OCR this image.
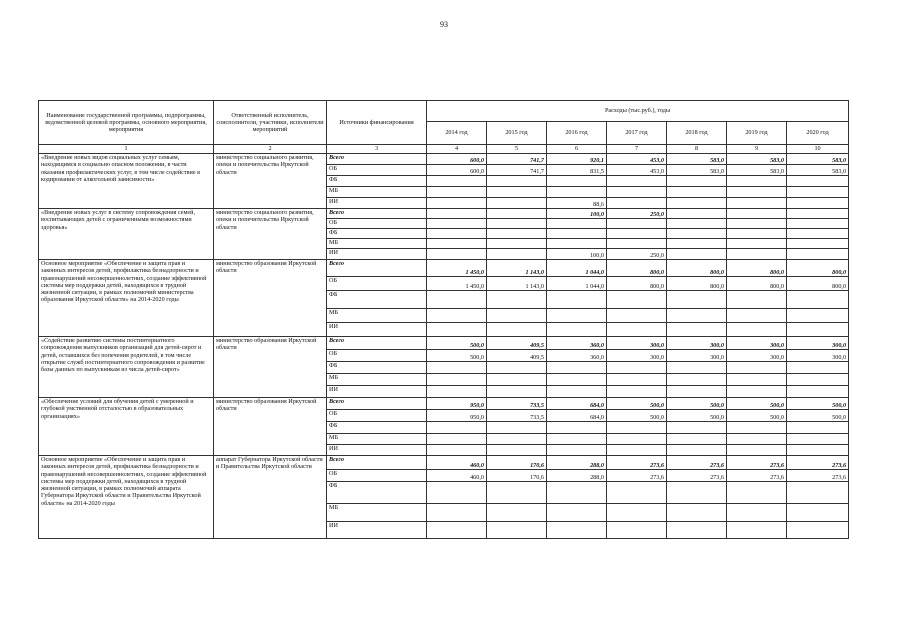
93
Наименование государственной программы, подпрограммы, ведомственной целевой программы, основного мероприятия, мероприятия	Ответственный исполнитель, соисполнители, участники, исполнители мероприятий	Источники финансирования	Расходы (тыс.руб.), годы						
			2014 год	2015 год	2016 год	2017 год	2018 год	2019 год	2020 год
1	2	3	4	5	6	7	8	9	10
«Внедрение новых видов социальных услуг семьям, находящимся в социально опасном положении, в части оказания профилактических услуг, в том числе содействие в кодировании от алкогольной зависимости»	министерство социального развития, опеки и попечительства Иркутской области	Всего	600,0	741,7	920,1	453,0	583,0	583,0	583,0
		ОБ	600,0	741,7	831,5	453,0	583,0	583,0	583,0
		ФБ							
		МБ							
		ИИ			88,6				
«Внедрение новых услуг в систему сопровождения семей, воспитывающих детей с ограниченными возможностями здоровья»	министерство социального развития, опеки и попечительства Иркутской области	Всего			100,0	250,0			
		ОБ							
		ФБ							
		МБ							
		ИИ			100,0	250,0			
Основное мероприятие «Обеспечение и защита прав и законных интересов детей, профилактика безнадзорности и правонарушений несовершеннолетних, создание эффективной системы мер поддержки детей, находящихся в трудной жизненной ситуации, в рамках полномочий министерства образования Иркутской области» на 2014-2020 годы	министерство образования Иркутской области	Всего	1 450,0	1 143,0	1 044,0	800,0	800,0	800,0	800,0
		ОБ	1 450,0	1 143,0	1 044,0	800,0	800,0	800,0	800,0
		ФБ							
		МБ							
		ИИ							
«Содействие развитию системы постинтернатного сопровождения выпускников организаций для детей-сирот и детей, оставшихся без попечения родителей, в том числе открытие служб постинтернатного сопровождения и развитие базы данных по выпускникам из числа детей-сирот»	министерство образования Иркутской области	Всего	500,0	409,5	360,0	300,0	300,0	300,0	300,0
		ОБ	500,0	409,5	360,0	300,0	300,0	300,0	300,0
		ФБ							
		МБ							
		ИИ							
«Обеспечение условий для обучения детей с умеренной и глубокой умственной отсталостью в образовательных организациях»	министерство образования Иркутской области	Всего	950,0	733,5	684,0	500,0	500,0	500,0	500,0
		ОБ	950,0	733,5	684,0	500,0	500,0	500,0	500,0
		ФБ							
		МБ							
		ИИ							
Основное мероприятие «Обеспечение и защита прав и законных интересов детей, профилактика безнадзорности и правонарушений несовершеннолетних, создание эффективной системы мер поддержки детей, находящихся в трудной жизненной ситуации, в рамках полномочий аппарата Губернатора Иркутской области и Правительства Иркутской области» на 2014-2020 годы	аппарат Губернатора Иркутской области и Правительства Иркутской области	Всего	460,0	170,6	288,0	273,6	273,6	273,6	273,6
		ОБ	460,0	170,6	288,0	273,6	273,6	273,6	273,6
		ФБ							
		МБ							
		ИИ							
